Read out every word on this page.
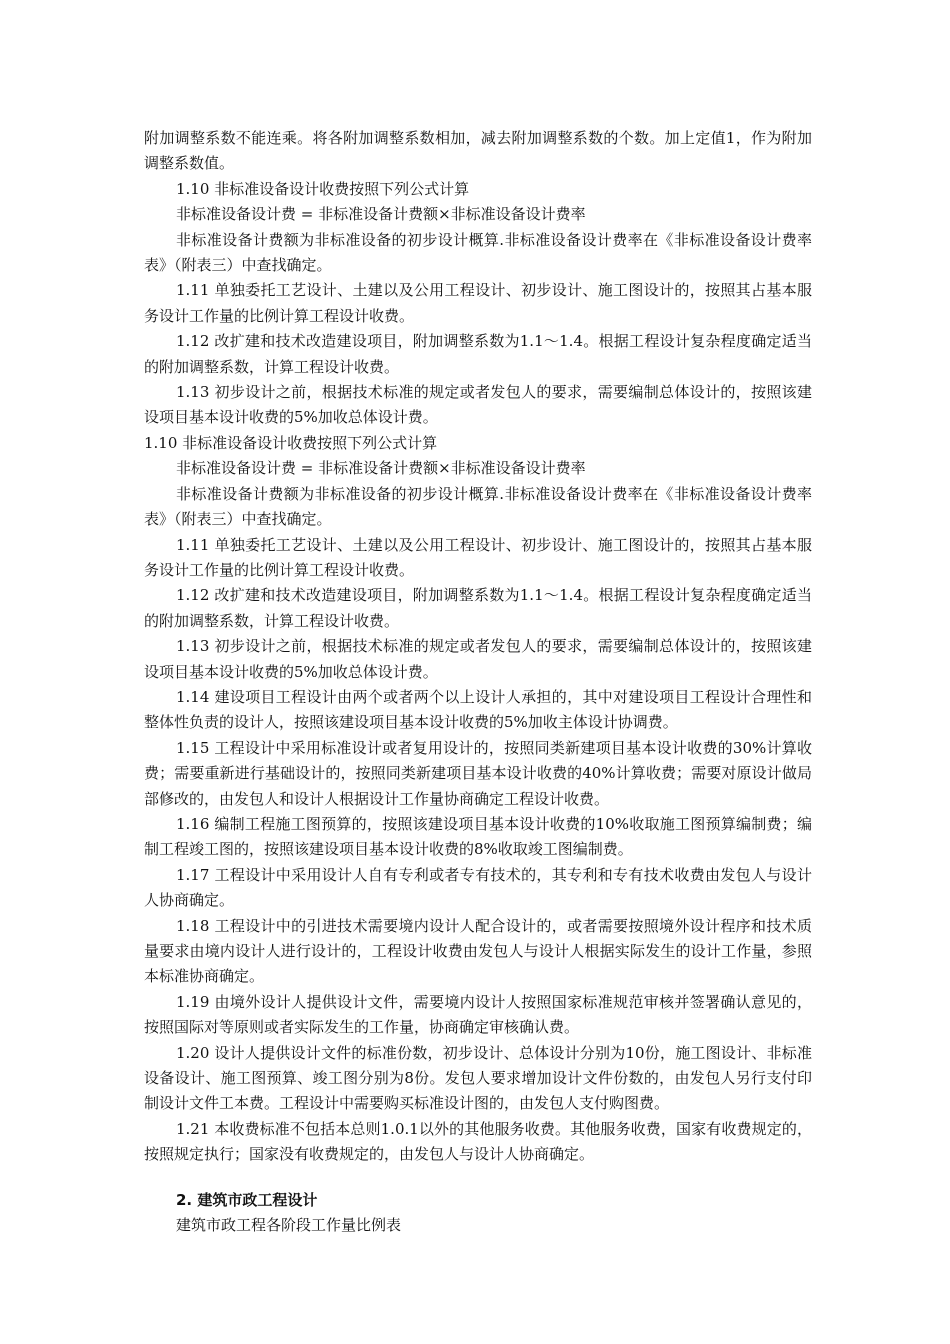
附加调整系数不能连乘。将各附加调整系数相加，减去附加调整系数的个数。加上定值1，作为附加调整系数值。

1.10 非标准设备设计收费按照下列公式计算

非标准设备设计费 = 非标准设备计费额×非标准设备设计费率

非标准设备计费额为非标准设备的初步设计概算.非标准设备设计费率在《非标准设备设计费率表》（附表三）中查找确定。

1.11 单独委托工艺设计、土建以及公用工程设计、初步设计、施工图设计的，按照其占基本服务设计工作量的比例计算工程设计收费。

1.12 改扩建和技术改造建设项目，附加调整系数为1.1～1.4。根据工程设计复杂程度确定适当的附加调整系数，计算工程设计收费。

1.13 初步设计之前，根据技术标准的规定或者发包人的要求，需要编制总体设计的，按照该建设项目基本设计收费的5%加收总体设计费。

1.10 非标准设备设计收费按照下列公式计算

非标准设备设计费 = 非标准设备计费额×非标准设备设计费率

非标准设备计费额为非标准设备的初步设计概算.非标准设备设计费率在《非标准设备设计费率表》（附表三）中查找确定。

1.11 单独委托工艺设计、土建以及公用工程设计、初步设计、施工图设计的，按照其占基本服务设计工作量的比例计算工程设计收费。

1.12 改扩建和技术改造建设项目，附加调整系数为1.1～1.4。根据工程设计复杂程度确定适当的附加调整系数，计算工程设计收费。

1.13 初步设计之前，根据技术标准的规定或者发包人的要求，需要编制总体设计的，按照该建设项目基本设计收费的5%加收总体设计费。

1.14 建设项目工程设计由两个或者两个以上设计人承担的，其中对建设项目工程设计合理性和整体性负责的设计人，按照该建设项目基本设计收费的5%加收主体设计协调费。

1.15 工程设计中采用标准设计或者复用设计的，按照同类新建项目基本设计收费的30%计算收费；需要重新进行基础设计的，按照同类新建项目基本设计收费的40%计算收费；需要对原设计做局部修改的，由发包人和设计人根据设计工作量协商确定工程设计收费。

1.16 编制工程施工图预算的，按照该建设项目基本设计收费的10%收取施工图预算编制费；编制工程竣工图的，按照该建设项目基本设计收费的8%收取竣工图编制费。

1.17 工程设计中采用设计人自有专利或者专有技术的，其专利和专有技术收费由发包人与设计人协商确定。

1.18 工程设计中的引进技术需要境内设计人配合设计的，或者需要按照境外设计程序和技术质量要求由境内设计人进行设计的，工程设计收费由发包人与设计人根据实际发生的设计工作量，参照本标准协商确定。

1.19 由境外设计人提供设计文件，需要境内设计人按照国家标准规范审核并签署确认意见的，按照国际对等原则或者实际发生的工作量，协商确定审核确认费。

1.20 设计人提供设计文件的标准份数，初步设计、总体设计分别为10份，施工图设计、非标准设备设计、施工图预算、竣工图分别为8份。发包人要求增加设计文件份数的，由发包人另行支付印制设计文件工本费。工程设计中需要购买标准设计图的，由发包人支付购图费。

1.21 本收费标准不包括本总则1.0.1以外的其他服务收费。其他服务收费，国家有收费规定的，按照规定执行；国家没有收费规定的，由发包人与设计人协商确定。

2. 建筑市政工程设计

建筑市政工程各阶段工作量比例表
